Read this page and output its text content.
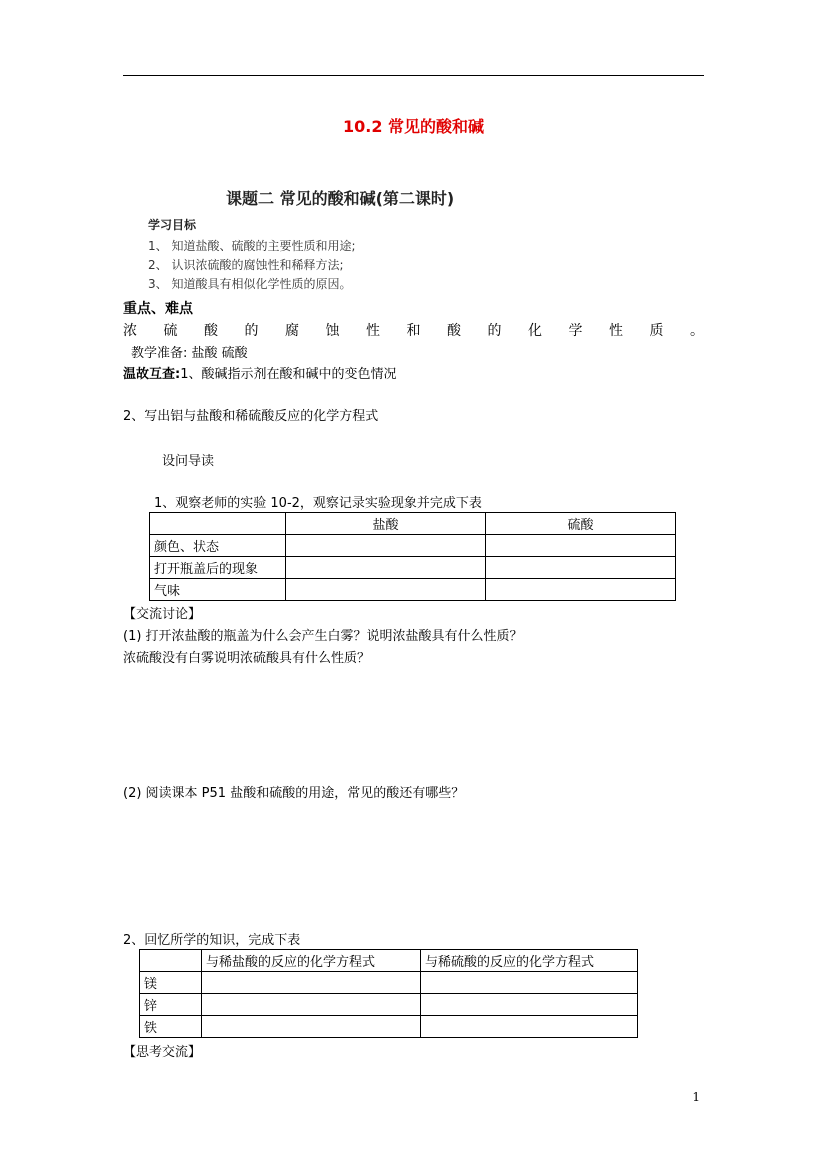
10.2 常见的酸和碱
课题二 常见的酸和碱(第二课时)
学习目标
1、 知道盐酸、硫酸的主要性质和用途;
2、 认识浓硫酸的腐蚀性和稀释方法;
3、 知道酸具有相似化学性质的原因。
重点、难点
浓 硫 酸 的 腐 蚀 性 和 酸 的 化 学 性 质 。
教学准备: 盐酸 硫酸
温故互查:1、酸碱指示剂在酸和碱中的变色情况
2、写出铝与盐酸和稀硫酸反应的化学方程式
设问导读
1、观察老师的实验 10-2，观察记录实验现象并完成下表
	盐酸	硫酸
颜色、状态		
打开瓶盖后的现象		
气味		
【交流讨论】
(1) 打开浓盐酸的瓶盖为什么会产生白雾？说明浓盐酸具有什么性质？
浓硫酸没有白雾说明浓硫酸具有什么性质？
(2) 阅读课本 P51 盐酸和硫酸的用途，常见的酸还有哪些？
2、回忆所学的知识，完成下表
	与稀盐酸的反应的化学方程式	与稀硫酸的反应的化学方程式
镁		
锌		
铁		
【思考交流】
1
